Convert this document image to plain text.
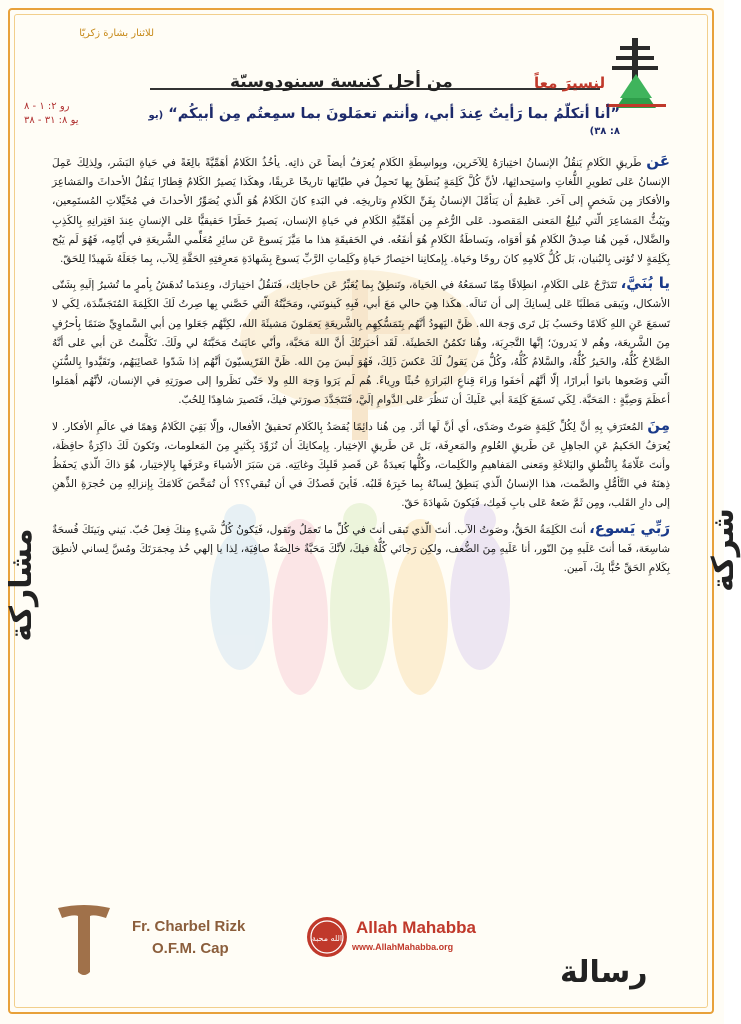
للاثنار بشارة زكريّا
لنسيرَ معاً
من أجل كنيسة سينودوسيّة
”أنا أتكلّمُ بما رَأيتُ عِندَ أبي، وأنتم تعمَلونَ بما سمِعتُم مِن أبيكُم“ (يو ٨: ٣٨)
رو ٢: ١ - ٨
يو ٨: ٣١ - ٣٨
شركة
مشاركة
رسالة

عَن طَريقِ الكَلامِ يَنقُلُ الإنسانُ اختِبارَهُ لِلآخَرين، وبِواسِطَةِ الكَلامِ يُعرَفُ أيضاً عَن ذاتِه. يأخُذُ الكَلامُ أهَمِّيَّةً بالِغَةً في حَياةِ البَشَر، ولِذلِكَ عَمِلَ الإنسانُ عَلى تَطويرِ اللُّغاتِ واستِحداثِها، لأنَّ كُلَّ كَلِمَةٍ يُنطَقُ بِها تَحمِلُ في طيّاتِها تاريخًا عَريقًا، وهكَذا يَصيرُ الكَلامُ قِطارًا يَنقُلُ الأحداثَ والمَشاعِرَ والأفكارَ مِن شَخصٍ إلى آخر. عَظيمٌ أن يَتأمَّلَ الإنسانُ بِفَنِّ الكَلامِ وتاريخِه. في البَدءِ كانَ الكَلامُ هُوَ الّذي يُصَوِّرُ الأحداثَ في مُخَيِّلاتِ المُستَمِعين، ويَبُثُّ المَشاعِرَ الّتي تُبلِغُ المَعنى المَقصود. عَلى الرُّغمِ مِن أهَمِّيَّةِ الكَلامِ في حَياةِ الإنسان، يَصيرُ خَطَرًا حَقيقيًّا عَلى الإنسانِ عِندَ اقتِرانِهِ بِالكَذِبِ والضَّلال، فَمِن هُنا صِدقُ الكَلامِ هُوَ أقوَاه، وبَساطَةُ الكَلامِ هُوَ أنفَعُه. في الحَقيقَةِ هذا ما مَيَّزَ يَسوعَ عَن سائِرِ مُعَلِّمي الشَّريعَةِ في أيّامِه، فَهُوَ لَم يَبُح بِكَلِمَةٍ لا تُؤتى بِالبُنيان، بَل كُلُّ كَلامِهِ كانَ روحًا وحَياة. بِإمكانِنا اختِصارُ حَياةِ وكَلِماتِ الرَّبِّ يَسوعَ بِشَهادَةِ مَعرِفتِهِ الحَقَّةِ لِلآب، بِما جَعَلَهُ شَهيدًا لِلحَقّ.

يا بُنَيَّ، تَتَدَرَّجُ عَلى الكَلامِ، انطِلاقًا مِمّا تَسمَعُهُ في الحَياة، وتَنطِقُ بِما يُعَبِّرُ عَن حاجاتِك، فَتَنقُلُ اختِبارَك، وعِندَما تُدهَشُ بِأمرٍ ما تُشيرُ إلَيهِ بِشَتّى الأشكال، ويَبقى مَطلَبًا عَلى لِسانِكَ إلى أن تَنالَه. هكَذا هِيَ حالي مَعَ أبي، فَبِهِ كَينونَتي، ومَحَبَّتُهُ الّتي خَصَّني بِها صِرتُ لَكَ الكَلِمَةَ المُتَجَسِّدَة، لِكَي لا تَسمَعَ عَنِ اللهِ كَلامًا وحَسبُ بَل تَرى وَجهَ الله. ظَنَّ اليَهودُ أنَّهُم بِتَمَسُّكِهِم بِالشَّريعَةِ يَعمَلونَ مَشيئَةَ الله، لكِنَّهُم جَعَلوا مِن أبي السَّماوِيِّ صَنَمًا بِأحرُفٍ مِنَ الشَّريعَة، وهُم لا يَدرونَ؛ إنَّها التَّجرِبَة، وهُنا تَكمُنُ الخَطيئَة. لَقَد أخبَرتُكَ أنَّ اللهَ مَحَبَّة، وأنّي عايَنتُ مَحَبَّتَهُ لي ولَكَ. تَكَلَّمتُ عَن أبي عَلى أنَّهُ الصَّلاحُ كُلُّهُ، والخَيرُ كُلُّهُ، والسَّلامُ كُلُّهُ، وكُلُّ مَن يَقولُ لَكَ عَكسَ ذَلِكَ، فَهُوَ لَيسَ مِنَ الله. ظَنَّ الفَرّيسيّونَ أنَّهُم إذا شَدّوا عَصائِبَهُم، وتَقَيَّدوا بِالسُّنَنِ الّتي وَضَعوها باتوا أبرارًا، إلّا أنَّهُم أخفَوا وَراءَ قِناعِ البَرارَةِ خُبثًا ورِياءً. هُم لَم يَرَوا وَجهَ اللهِ ولا حَتّى نَظَروا إلى صورَتِهِ في الإنسان، لأنَّهُم أهمَلوا أعظَمَ وَصِيَّةٍ : المَحَبَّة. لِكَي تَسمَعَ كَلِمَةَ أبي عَلَيكَ أن تَنظُرَ عَلى الدَّوامِ إلَيَّ، فَتَتَجَدَّدَ صورَتي فيكَ، فَتَصيرَ شاهِدًا لِلحُبّ.

مِنَ المُعتَرَفِ بِهِ أنَّ لِكُلِّ كَلِمَةٍ صَوتٌ وصَدًى، أي أنَّ لَها أثَر. مِن هُنا دائِمًا يُقصَدُ بِالكَلامِ تَحقيقُ الأفعال، وإلّا بَقِيَ الكَلامُ وَهمًا في عالَمِ الأفكار. لا يُعرَفُ الحَكيمُ عَنِ الجاهِلِ عَن طَريقِ العُلومِ والمَعرِفَة، بَل عَن طَريقِ الإختِبار. بِإمكانِكَ أن تُزَوِّدَ بِكَثيرٍ مِنَ المَعلومات، وتَكونَ لَكَ ذاكِرَةٌ حافِظَة، وأنتَ عَلّامَةٌ بِالنُّطقِ والبَلاغَةِ ومَعنى المَفاهيمِ والكَلِمات، وكُلُّها بَعيدَةٌ عَن قَصدِ قَلبِكَ وغايَتِه. مَن سَبَرَ الأشياءَ وعَرَفَها بِالإختِبار، هُوَ ذاكَ الّذي يَحفَظُ ذِهنَهُ في التَّأمُّلِ والصَّمت، هذا الإنسانُ الّذي يَنطِقُ لِسانُهُ بِما خَبِرَهُ قَلبُه. فَأينَ قَصدُكَ في أن تُبقي؟؟؟ أن تُمَحِّصَ كَلامَكَ بِإنزالِهِ مِن حُجرَةِ الذِّهنِ إلى دارِ القَلب، ومِن ثَمَّ ضَعهُ عَلى بابِ فَمِك، فَيَكونَ شَهادَةَ حَقّ.

رَبِّي يَسوع، أنتَ الكَلِمَةُ الحَقُّ، وصَوتُ الآب. أنتَ الّذي تَبقى أنتَ في كُلِّ ما تَعمَلُ وتَقول، فَيَكونُ كُلُّ شَيءٍ مِنكَ فِعلَ حُبّ. بَيني وبَينَكَ فُسحَةٌ شاسِعَة، فَما أنتَ عَلَيهِ مِنَ النّور، أنا عَلَيهِ مِنَ الضُّعف، ولكِن رَجائي كُلُّهُ فيكَ، لأنَّكَ مَحَبَّةٌ خالِصَةٌ صافِيَة، لِذا يا إلهي خُذ مِجمَرَتَكَ ومُسَّ لِساني لأنطِقَ بِكَلامِ الحَقِّ حُبًّا بِكَ، آمين.

Fr. Charbel Rizk
O.F.M. Cap
الله محبة
Allah Mahabba
www.AllahMahabba.org
